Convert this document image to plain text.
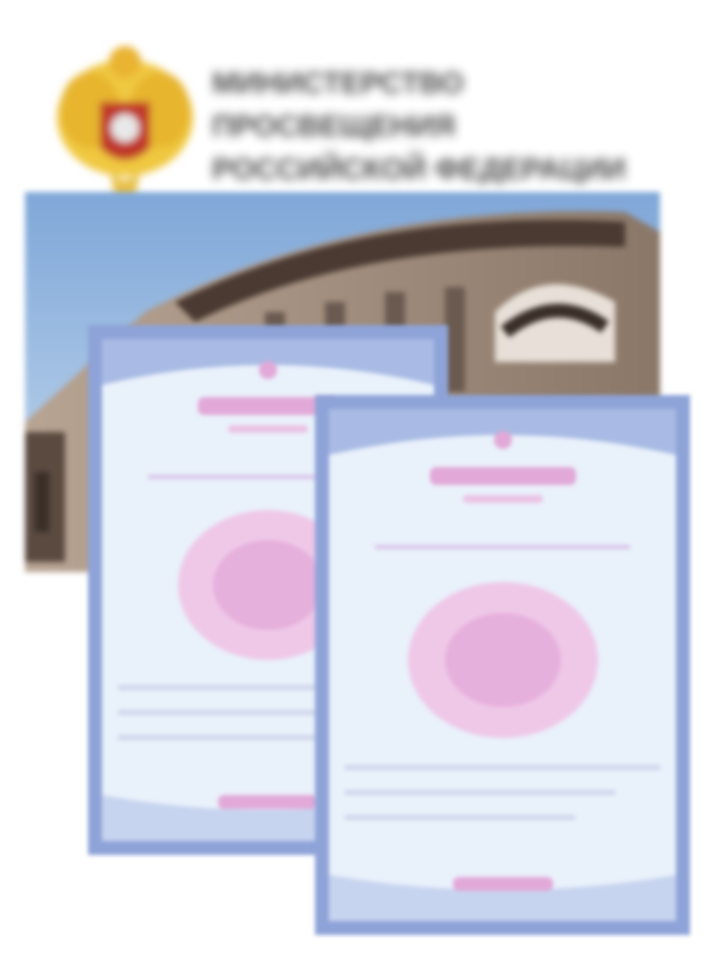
МИНИСТЕРСТВО
ПРОСВЕЩЕНИЯ
РОССИЙСКОЙ ФЕДЕРАЦИИ
